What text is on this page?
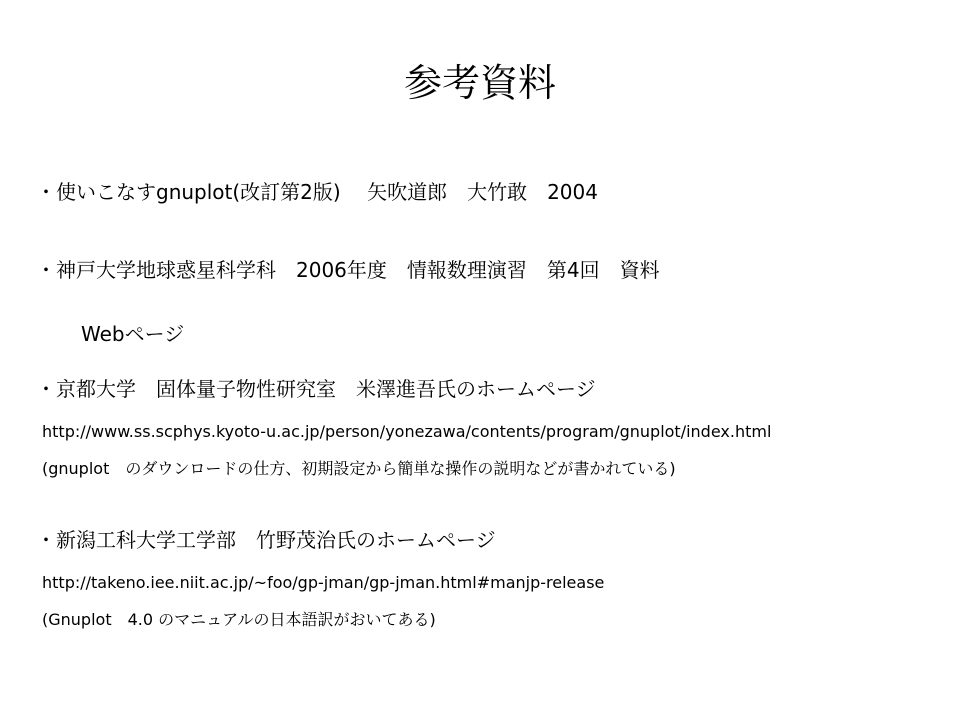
参考資料
・使いこなすgnuplot(改訂第2版)　 矢吹道郎　大竹敢　2004
・神戸大学地球惑星科学科　2006年度　情報数理演習　第4回　資料
Webページ
・京都大学　固体量子物性研究室　米澤進吾氏のホームページ
http://www.ss.scphys.kyoto-u.ac.jp/person/yonezawa/contents/program/gnuplot/index.html
(gnuplot　のダウンロードの仕方、初期設定から簡単な操作の説明などが書かれている)
・新潟工科大学工学部　竹野茂治氏のホームページ
http://takeno.iee.niit.ac.jp/~foo/gp-jman/gp-jman.html#manjp-release
(Gnuplot　4.0 のマニュアルの日本語訳がおいてある)
